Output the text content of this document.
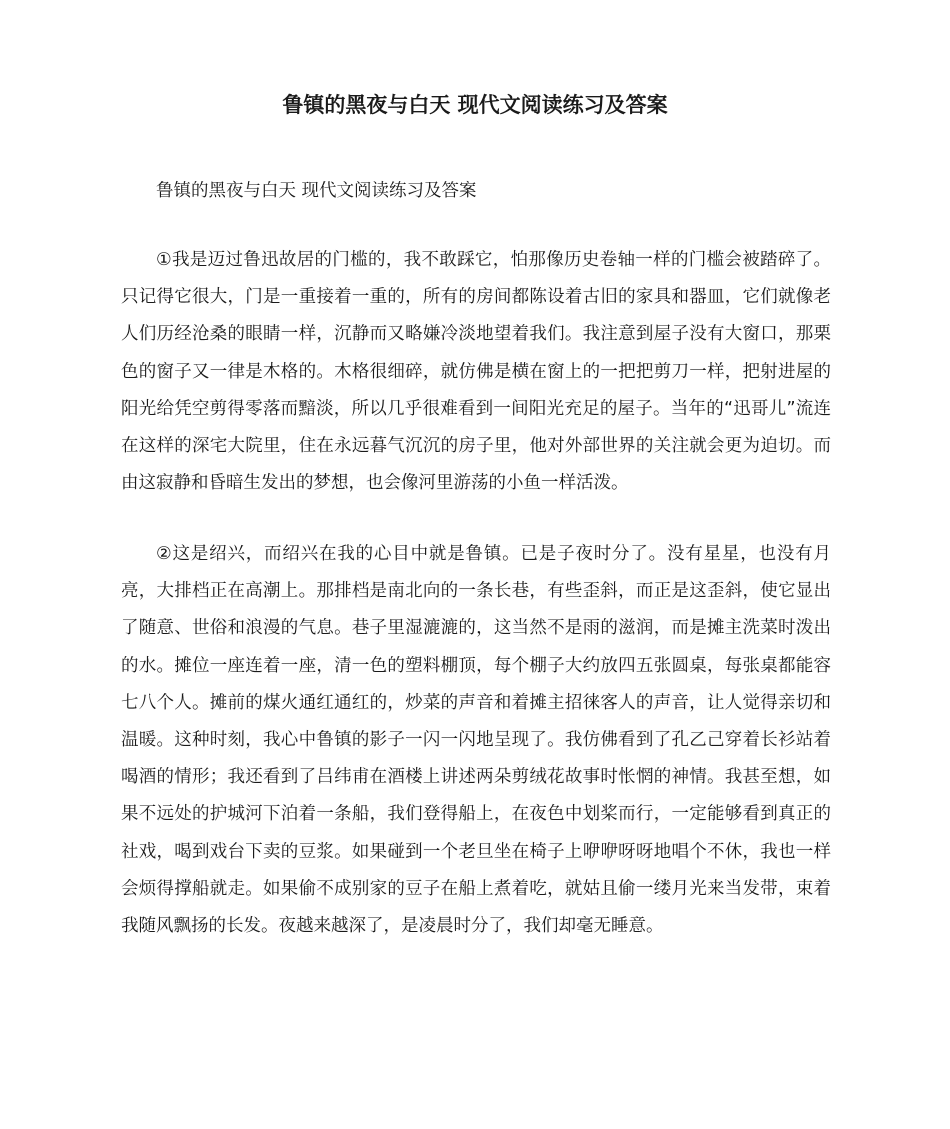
鲁镇的黑夜与白天 现代文阅读练习及答案

鲁镇的黑夜与白天 现代文阅读练习及答案

①我是迈过鲁迅故居的门槛的，我不敢踩它，怕那像历史卷轴一样的门槛会被踏碎了。只记得它很大，门是一重接着一重的，所有的房间都陈设着古旧的家具和器皿，它们就像老人们历经沧桑的眼睛一样，沉静而又略嫌冷淡地望着我们。我注意到屋子没有大窗口，那栗色的窗子又一律是木格的。木格很细碎，就仿佛是横在窗上的一把把剪刀一样，把射进屋的阳光给凭空剪得零落而黯淡，所以几乎很难看到一间阳光充足的屋子。当年的“迅哥儿”流连在这样的深宅大院里，住在永远暮气沉沉的房子里，他对外部世界的关注就会更为迫切。而由这寂静和昏暗生发出的梦想，也会像河里游荡的小鱼一样活泼。

②这是绍兴，而绍兴在我的心目中就是鲁镇。已是子夜时分了。没有星星，也没有月亮，大排档正在高潮上。那排档是南北向的一条长巷，有些歪斜，而正是这歪斜，使它显出了随意、世俗和浪漫的气息。巷子里湿漉漉的，这当然不是雨的滋润，而是摊主洗菜时泼出的水。摊位一座连着一座，清一色的塑料棚顶，每个棚子大约放四五张圆桌，每张桌都能容七八个人。摊前的煤火通红通红的，炒菜的声音和着摊主招徕客人的声音，让人觉得亲切和温暖。这种时刻，我心中鲁镇的影子一闪一闪地呈现了。我仿佛看到了孔乙己穿着长衫站着喝酒的情形；我还看到了吕纬甫在酒楼上讲述两朵剪绒花故事时怅惘的神情。我甚至想，如果不远处的护城河下泊着一条船，我们登得船上，在夜色中划桨而行，一定能够看到真正的社戏，喝到戏台下卖的豆浆。如果碰到一个老旦坐在椅子上咿咿呀呀地唱个不休，我也一样会烦得撑船就走。如果偷不成别家的豆子在船上煮着吃，就姑且偷一缕月光来当发带，束着我随风飘扬的长发。夜越来越深了，是凌晨时分了，我们却毫无睡意。
